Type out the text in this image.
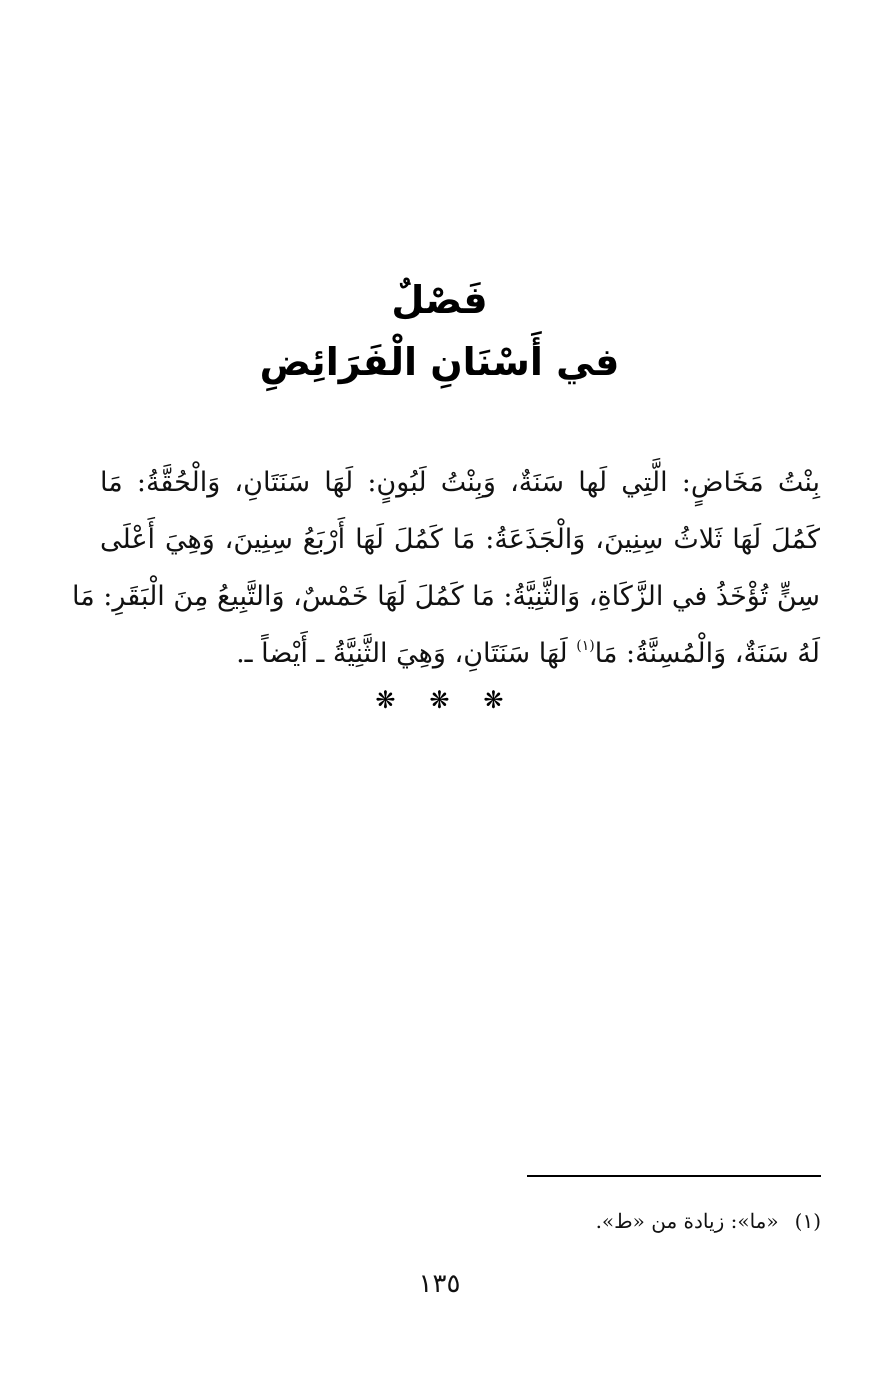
فَصْلٌ
في أَسْنَانِ الْفَرَائِضِ
بِنْتُ مَخَاضٍ: الَّتِي لَها سَنَةٌ، وَبِنْتُ لَبُونٍ: لَهَا سَنَتَانِ، وَالْحُقَّةُ: مَا
كَمُلَ لَهَا ثَلاثُ سِنِينَ، وَالْجَذَعَةُ: مَا كَمُلَ لَهَا أَرْبَعُ سِنِينَ، وَهِيَ أَعْلَى
سِنٍّ تُؤْخَذُ في الزَّكَاةِ، وَالثَّنِيَّةُ: مَا كَمُلَ لَهَا خَمْسٌ، وَالتَّبِيعُ مِنَ الْبَقَرِ: مَا
لَهُ سَنَةٌ، وَالْمُسِنَّةُ: مَا$^{(١)}$ لَهَا سَنَتَانِ، وَهِيَ الثَّنِيَّةُ ـ أَيْضاً ـ.
❋
❋
❋
(١)«ما»: زيادة من «ط».
١٣٥
